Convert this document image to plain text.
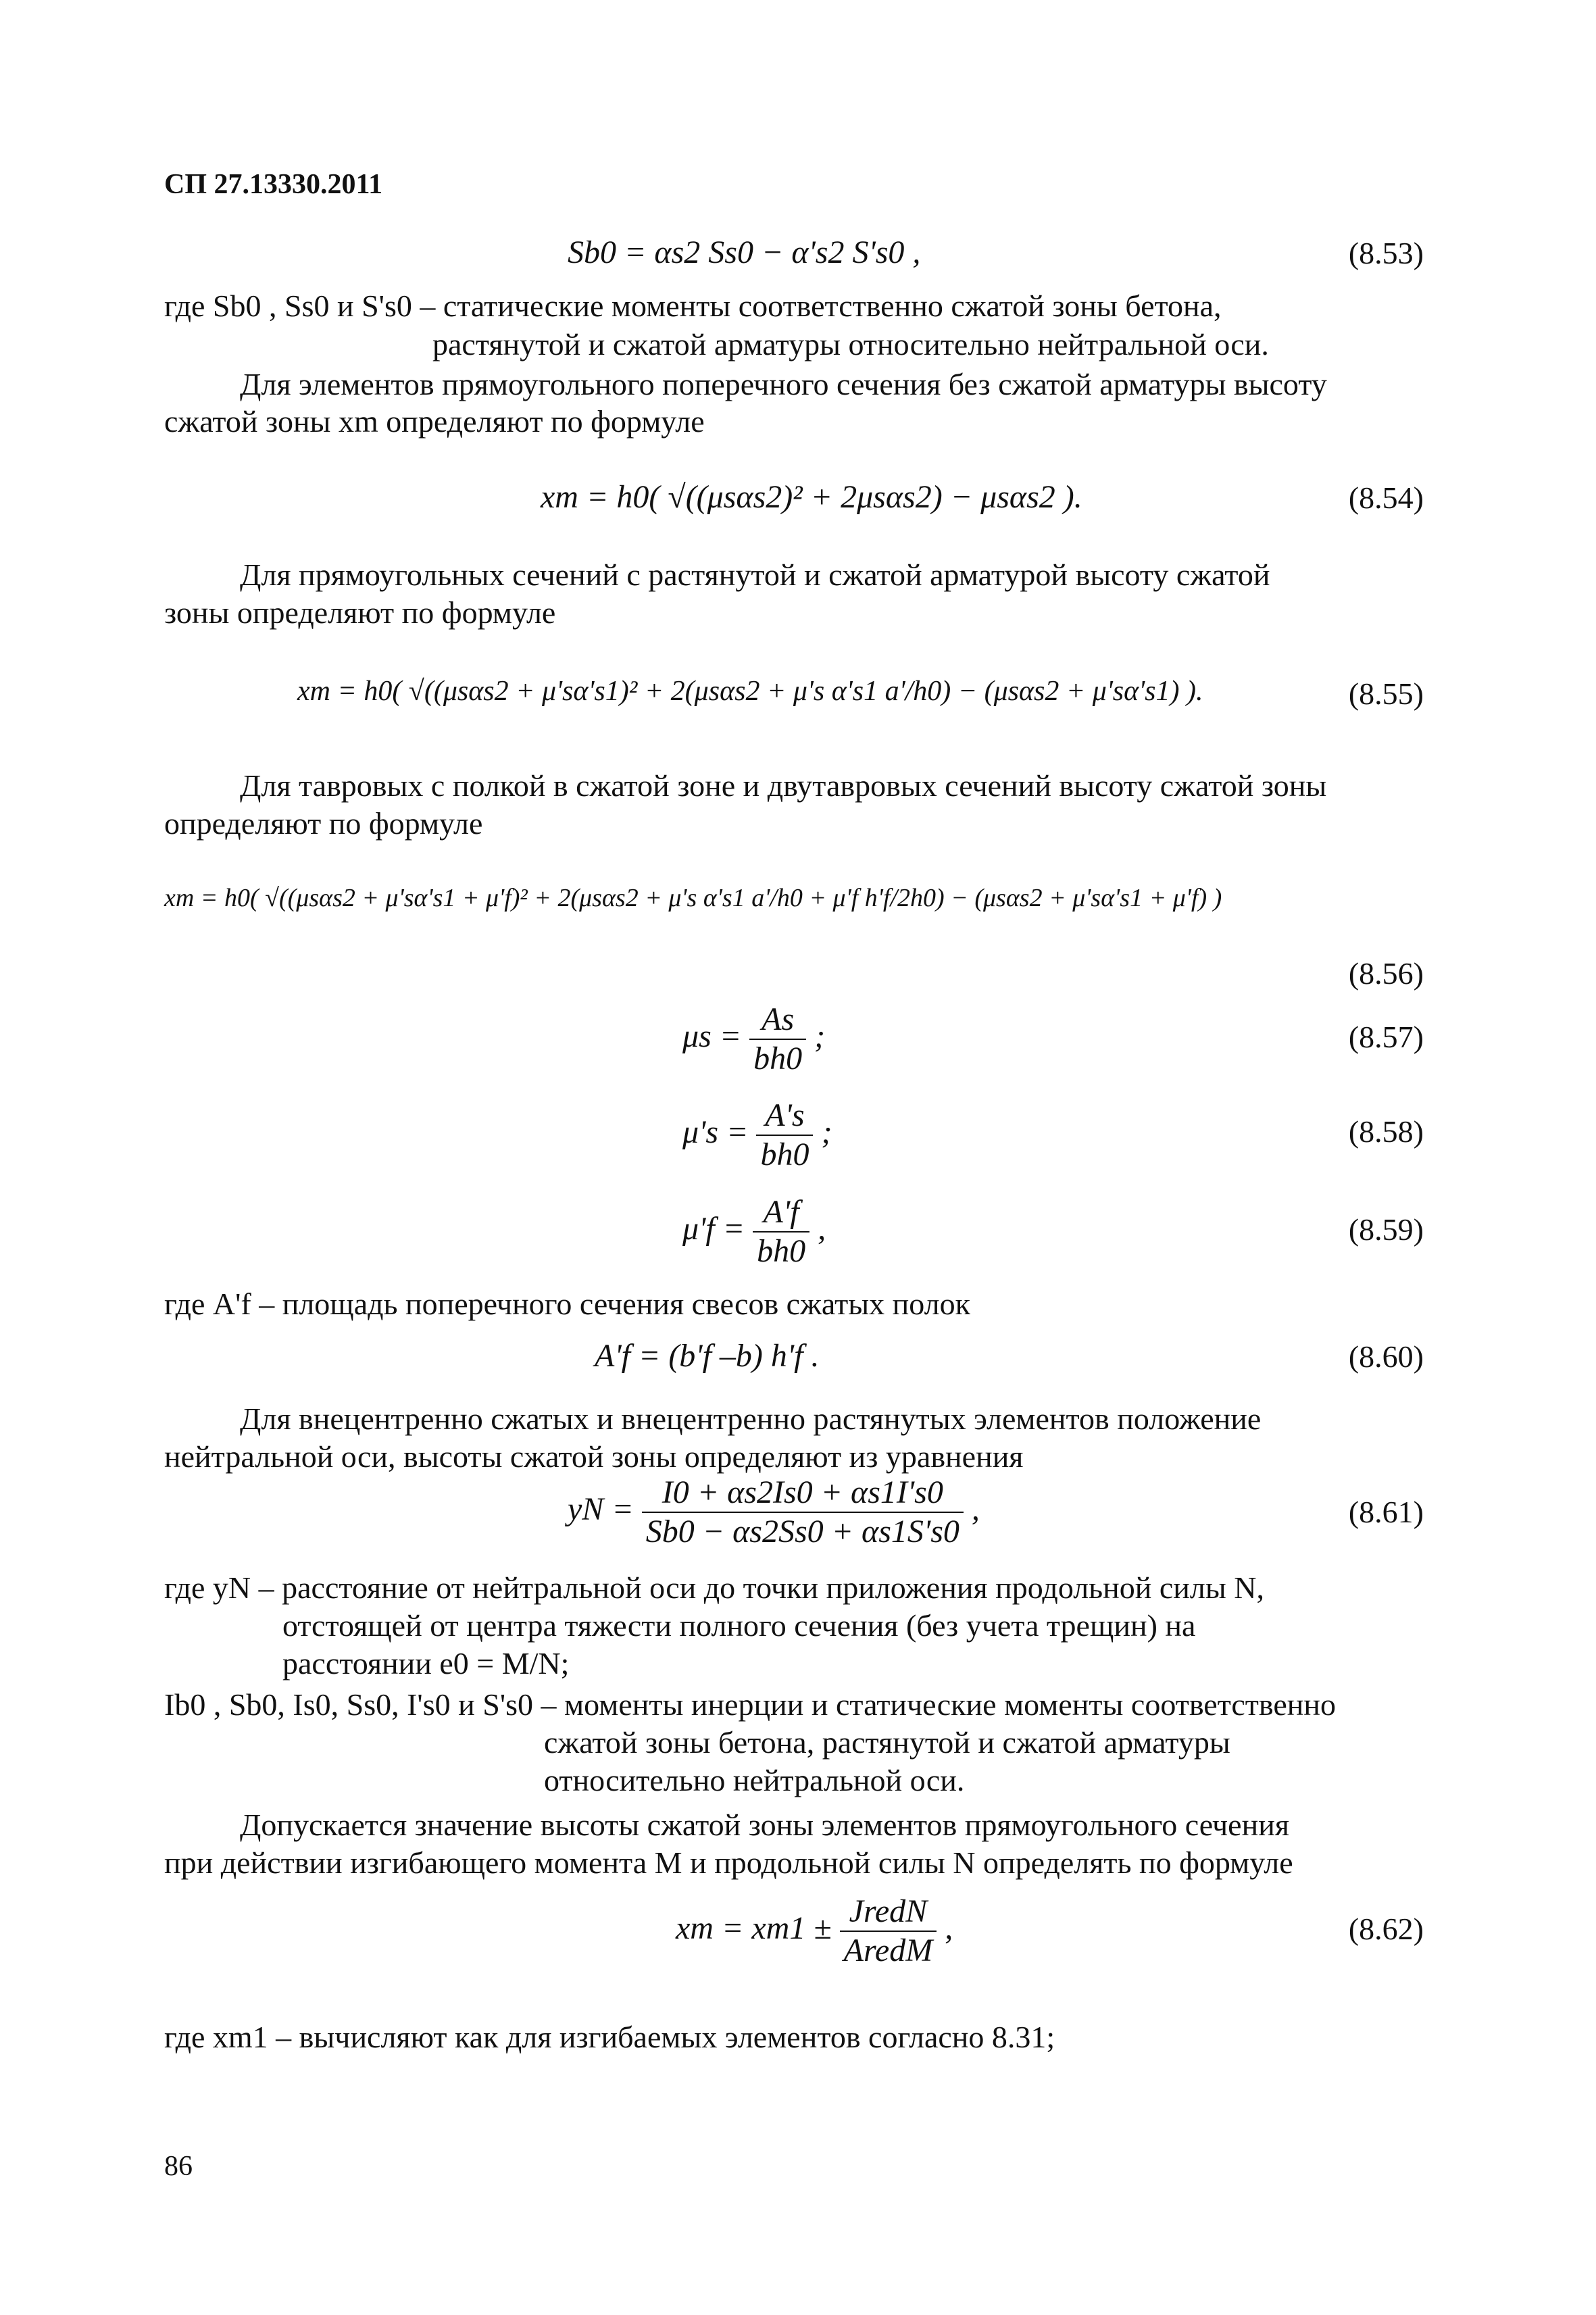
СП 27.13330.2011
Sb0 = αs2 Ss0 − α's2 S's0 ,	(8.53)
где Sb0 , Ss0 и S's0 – статические моменты соответственно сжатой зоны бетона,
растянутой и сжатой арматуры относительно нейтральной оси.
Для элементов прямоугольного поперечного сечения без сжатой арматуры высоту
сжатой зоны xm определяют по формуле
xm = h0( √((μsαs2)² + 2μsαs2) − μsαs2 ).	(8.54)
Для прямоугольных сечений с растянутой и сжатой арматурой высоту сжатой
зоны определяют по формуле
xm = h0( √((μsαs2 + μ'sα's1)² + 2(μsαs2 + μ's α's1 a'/h0) − (μsαs2 + μ'sα's1) ).	(8.55)
Для тавровых с полкой в сжатой зоне и двутавровых сечений высоту сжатой зоны
определяют по формуле
xm = h0( √((μsαs2 + μ'sα's1 + μ'f)² + 2(μsαs2 + μ's α's1 a'/h0 + μ'f h'f/2h0) − (μsαs2 + μ'sα's1 + μ'f) )
(8.56)
$\mu s = \frac{As}{bh0}$ ;	(8.57)
$\mu's = \frac{A's}{bh0}$ ;	(8.58)
$\mu'f = \frac{A'f}{bh0}$ ,	(8.59)
где A'f – площадь поперечного сечения свесов сжатых полок
A'f = (b'f –b) h'f .	(8.60)
Для внецентренно сжатых и внецентренно растянутых элементов положение
нейтральной оси, высоты сжатой зоны определяют из уравнения
yN = $\frac{I0 + \alpha s2Is0 + \alpha s1I's0}{Sb0 - \alpha s2Ss0 + \alpha s1S's0}$ ,	(8.61)
где yN – расстояние от нейтральной оси до точки приложения продольной силы N,
отстоящей от центра тяжести полного сечения (без учета трещин) на
расстоянии e0 = M/N;
Ib0 , Sb0, Is0, Ss0, I's0 и S's0 – моменты инерции и статические моменты соответственно
сжатой зоны бетона, растянутой и сжатой арматуры
относительно нейтральной оси.
Допускается значение высоты сжатой зоны элементов прямоугольного сечения
при действии изгибающего момента M и продольной силы N определять по формуле
xm = $xm1 \pm \frac{\text{JredN}}{\text{AredM}}$ ,	(8.62)
где xm1 – вычисляют как для изгибаемых элементов согласно 8.31;
86
